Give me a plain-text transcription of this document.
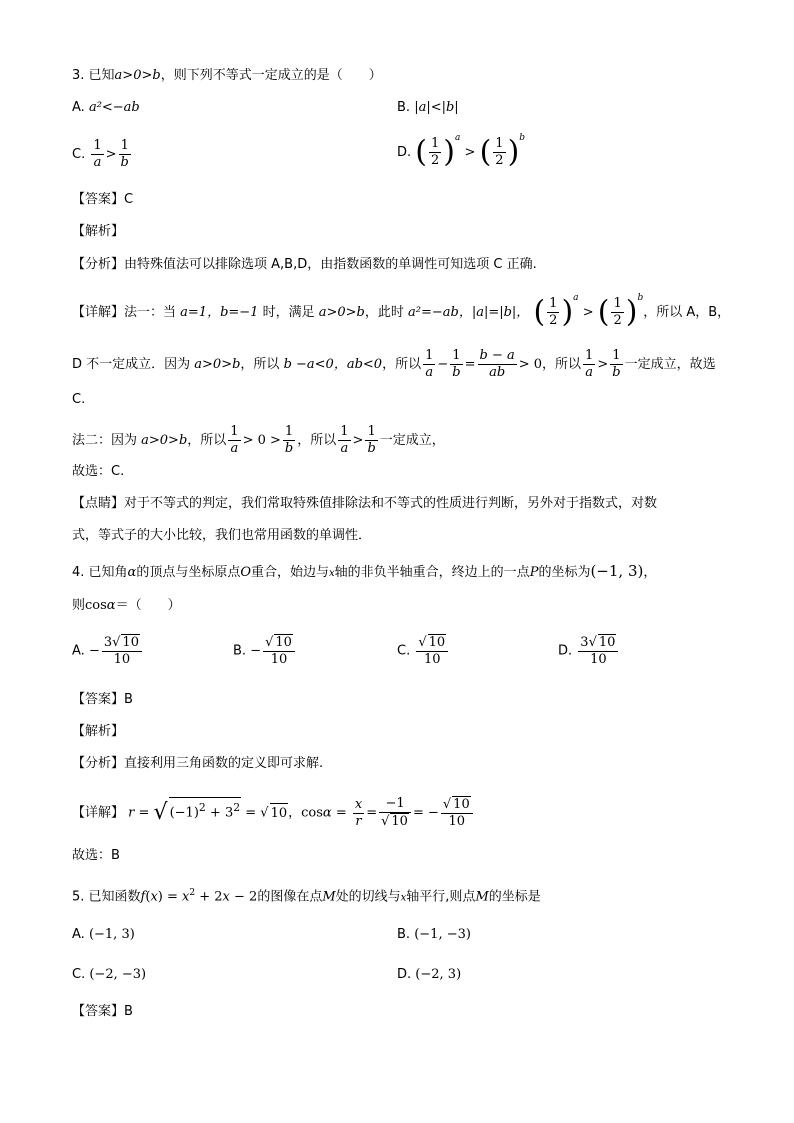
3. 已知a>0>b，则下列不等式一定成立的是（　　）
A. a²<−ab	B. |a|<|b|
C. $\frac{1}{a} > \frac{1}{b}$	D. ( $\frac{1}{2} )^a$ > ( $\frac{1}{2} )^b$
【答案】C
【解析】
【分析】由特殊值法可以排除选项 A,B,D，由指数函数的单调性可知选项 C 正确.
【详解】法一：当 a=1，b=−1 时，满足 a>0>b，此时 a²=−ab，|a|=|b|， ( $\frac{1}{2} )^a$ > ( $\frac{1}{2} )^b$，所以 A，B，
D 不一定成立．因为 a>0>b，所以 b −a<0，ab<0，所以 $\frac{1}{a} - \frac{1}{b} = \frac{b - a}{ab} > 0$，所以 $\frac{1}{a} > \frac{1}{b}$ 一定成立，故选
C.
法二：因为 a>0>b，所以 $\frac{1}{a} > 0 > \frac{1}{b}$ ，所以 $\frac{1}{a} > \frac{1}{b}$ 一定成立，
故选：C.
【点睛】对于不等式的判定，我们常取特殊值排除法和不等式的性质进行判断，另外对于指数式，对数
式，等式子的大小比较，我们也常用函数的单调性．
4. 已知角α的顶点与坐标原点O重合，始边与x轴的非负半轴重合，终边上的一点P的坐标为(−1, 3)，
则cosα＝（　　）
A. − $\frac{3√ 10}{10}$	B. − $\frac{√ 10}{10}$	C. $\frac{√ 10}{10}$	D. $\frac{3√ 10}{10}$
【答案】B
【解析】
【分析】直接利用三角函数的定义即可求解.
【详解】 r = √ $(-1)^2 + 3^2$ = √ 10，$\cos\alpha = \frac{x}{r} = \frac{-1}{√ 10}$ = − $\frac{√ 10}{10}$
故选：B
5. 已知函数$f(x) = x^2 + 2x - 2$的图像在点M处的切线与x轴平行,则点M的坐标是
A. (−1, 3)	B. (−1, −3)
C. (−2, −3)	D. (−2, 3)
【答案】B
